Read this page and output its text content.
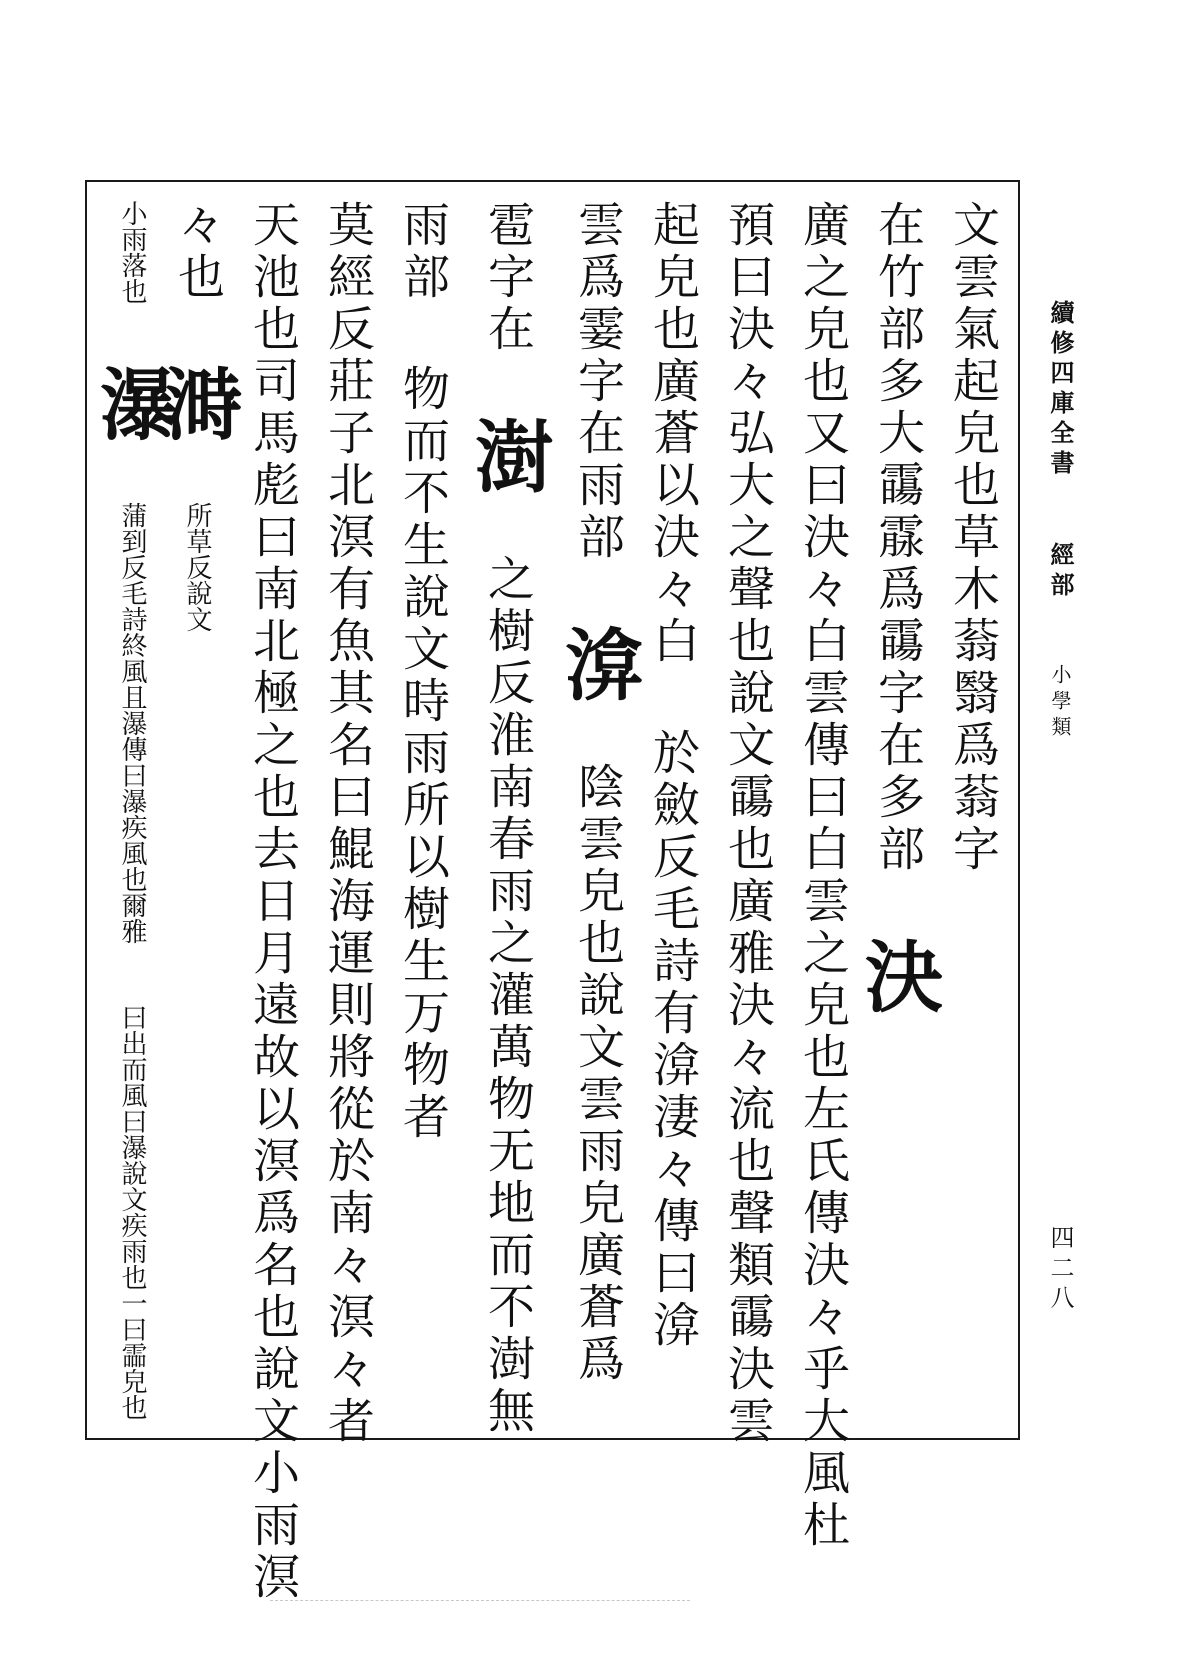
續修四庫全書 經部 小學類
四二八
文雲氣起皃也草木蓊翳爲蓊字
在竹部多大霷霡爲霷字在多部 決
廣之皃也又曰決々白雲傳曰白雲之皃也左氏傳決々乎大風杜
預曰決々弘大之聲也說文霷也廣雅決々流也聲類霷決雲
起皃也廣蒼以決々白 於斂反毛詩有渰淒々傳曰渰
雲爲霎字在雨部 渰 陰雲皃也說文雲雨皃廣蒼爲
雹字在 澍 之樹反淮南春雨之灌萬物无地而不澍無
雨部 物而不生說文時雨所以樹生万物者
莫經反莊子北溟有魚其名曰鯤海運則將從於南々溟々者
天池也司馬彪曰南北極之也去日月遠故以溟爲名也說文小雨溟
々也 溡 所草反說文
小雨落也 瀑 蒲到反毛詩終風且瀑傳曰瀑疾風也爾雅 曰出而風曰瀑說文疾雨也一曰霝皃也
